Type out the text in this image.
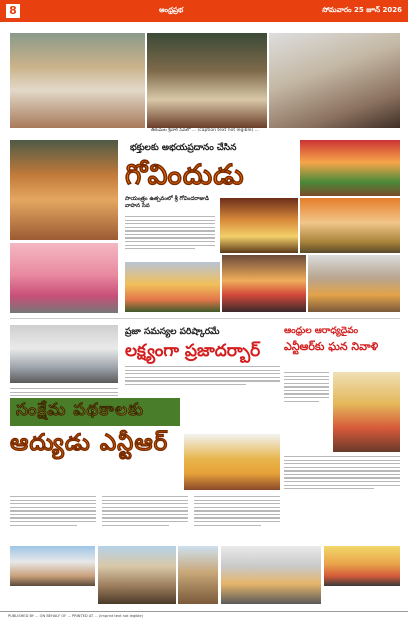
8	ఆంధ్రప్రభ	సోమవారం 25 జూన్ 2026
తిరుమల శ్రీవారి సేవలో ... (caption text not legible) ...
భక్తులకు అభయప్రదానం చేసిన
గోవిందుడు
సాయంత్రం ఉత్సవంలో శ్రీ గోవిందరాజుడి వాహన సేవ
ప్రజా సమస్యల పరిష్కారమే
లక్ష్యంగా ప్రజాదర్బార్
ఆంధ్రుల ఆరాధ్యదైవం
ఎన్టీఆర్‌కు ఘన నివాళి
సంక్షేమ పథకాలకు
ఆద్యుడు ఎన్టీఆర్
PUBLISHED BY ... ON BEHALF OF ... PRINTED AT ... (imprint text not legible)
